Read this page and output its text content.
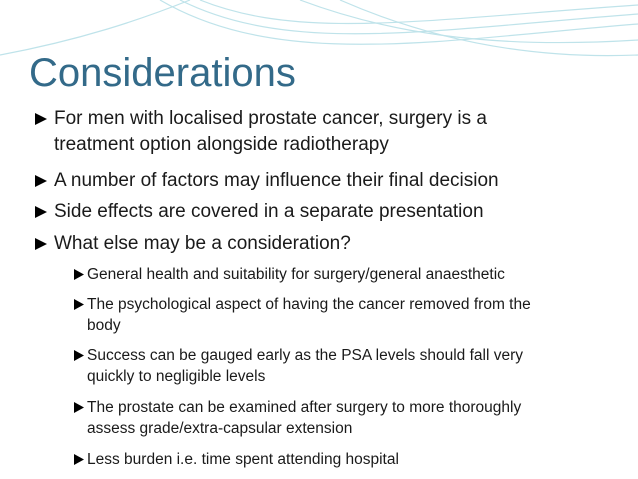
Considerations
For men with localised prostate cancer, surgery is a
treatment option alongside radiotherapy
A number of factors may influence their final decision
Side effects are covered in a separate presentation
What else may be a consideration?
General health and suitability for surgery/general anaesthetic
The psychological aspect of having the cancer removed from the
body
Success can be gauged early as the PSA levels should fall very
quickly to negligible levels
The prostate can be examined after surgery to more thoroughly
assess grade/extra-capsular extension
Less burden i.e. time spent attending hospital
